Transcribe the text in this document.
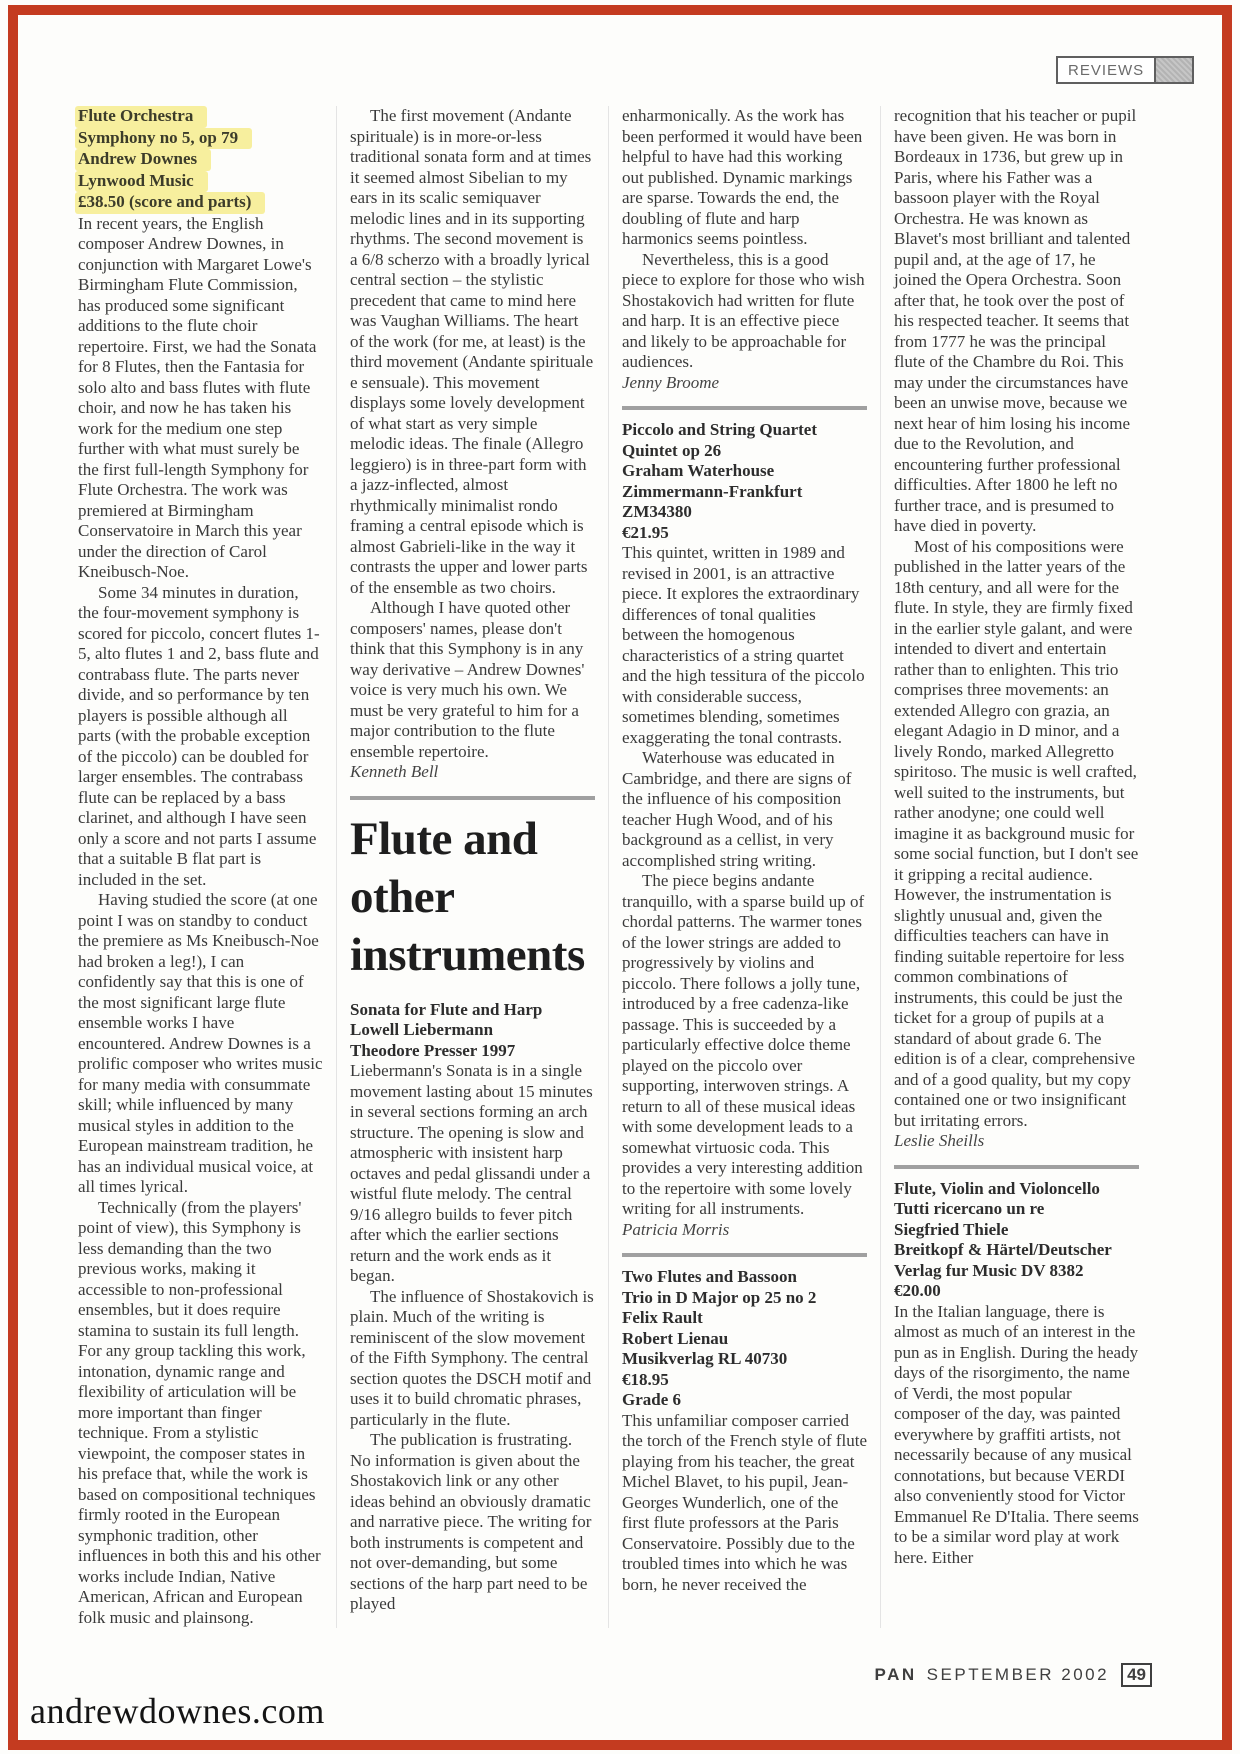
REVIEWS
Flute Orchestra
Symphony no 5, op 79
Andrew Downes
Lynwood Music
£38.50 (score and parts)

In recent years, the English composer Andrew Downes, in conjunction with Margaret Lowe's Birmingham Flute Commission, has produced some significant additions to the flute choir repertoire. First, we had the Sonata for 8 Flutes, then the Fantasia for solo alto and bass flutes with flute choir, and now he has taken his work for the medium one step further with what must surely be the first full-length Symphony for Flute Orchestra. The work was premiered at Birmingham Conservatoire in March this year under the direction of Carol Kneibusch-Noe.

Some 34 minutes in duration, the four-movement symphony is scored for piccolo, concert flutes 1-5, alto flutes 1 and 2, bass flute and contrabass flute. The parts never divide, and so performance by ten players is possible although all parts (with the probable exception of the piccolo) can be doubled for larger ensembles. The contrabass flute can be replaced by a bass clarinet, and although I have seen only a score and not parts I assume that a suitable B flat part is included in the set.

Having studied the score (at one point I was on standby to conduct the premiere as Ms Kneibusch-Noe had broken a leg!), I can confidently say that this is one of the most significant large flute ensemble works I have encountered. Andrew Downes is a prolific composer who writes music for many media with consummate skill; while influenced by many musical styles in addition to the European mainstream tradition, he has an individual musical voice, at all times lyrical.

Technically (from the players' point of view), this Symphony is less demanding than the two previous works, making it accessible to non-professional ensembles, but it does require stamina to sustain its full length. For any group tackling this work, intonation, dynamic range and flexibility of articulation will be more important than finger technique. From a stylistic viewpoint, the composer states in his preface that, while the work is based on compositional techniques firmly rooted in the European symphonic tradition, other influences in both this and his other works include Indian, Native American, African and European folk music and plainsong.

The first movement (Andante spirituale) is in more-or-less traditional sonata form and at times it seemed almost Sibelian to my ears in its scalic semiquaver melodic lines and in its supporting rhythms. The second movement is a 6/8 scherzo with a broadly lyrical central section – the stylistic precedent that came to mind here was Vaughan Williams. The heart of the work (for me, at least) is the third movement (Andante spirituale e sensuale). This movement displays some lovely development of what start as very simple melodic ideas. The finale (Allegro leggiero) is in three-part form with a jazz-inflected, almost rhythmically minimalist rondo framing a central episode which is almost Gabrieli-like in the way it contrasts the upper and lower parts of the ensemble as two choirs.

Although I have quoted other composers' names, please don't think that this Symphony is in any way derivative – Andrew Downes' voice is very much his own. We must be very grateful to him for a major contribution to the flute ensemble repertoire.

Kenneth Bell

Flute and other instruments
Sonata for Flute and Harp
Lowell Liebermann
Theodore Presser 1997

Liebermann's Sonata is in a single movement lasting about 15 minutes in several sections forming an arch structure. The opening is slow and atmospheric with insistent harp octaves and pedal glissandi under a wistful flute melody. The central 9/16 allegro builds to fever pitch after which the earlier sections return and the work ends as it began.

The influence of Shostakovich is plain. Much of the writing is reminiscent of the slow movement of the Fifth Symphony. The central section quotes the DSCH motif and uses it to build chromatic phrases, particularly in the flute.

The publication is frustrating. No information is given about the Shostakovich link or any other ideas behind an obviously dramatic and narrative piece. The writing for both instruments is competent and not over-demanding, but some sections of the harp part need to be played

enharmonically. As the work has been performed it would have been helpful to have had this working out published. Dynamic markings are sparse. Towards the end, the doubling of flute and harp harmonics seems pointless.

Nevertheless, this is a good piece to explore for those who wish Shostakovich had written for flute and harp. It is an effective piece and likely to be approachable for audiences.

Jenny Broome

Piccolo and String Quartet
Quintet op 26
Graham Waterhouse
Zimmermann-Frankfurt
ZM34380
€21.95

This quintet, written in 1989 and revised in 2001, is an attractive piece. It explores the extraordinary differences of tonal qualities between the homogenous characteristics of a string quartet and the high tessitura of the piccolo with considerable success, sometimes blending, sometimes exaggerating the tonal contrasts.

Waterhouse was educated in Cambridge, and there are signs of the influence of his composition teacher Hugh Wood, and of his background as a cellist, in very accomplished string writing.

The piece begins andante tranquillo, with a sparse build up of chordal patterns. The warmer tones of the lower strings are added to progressively by violins and piccolo. There follows a jolly tune, introduced by a free cadenza-like passage. This is succeeded by a particularly effective dolce theme played on the piccolo over supporting, interwoven strings. A return to all of these musical ideas with some development leads to a somewhat virtuosic coda. This provides a very interesting addition to the repertoire with some lovely writing for all instruments.

Patricia Morris

Two Flutes and Bassoon
Trio in D Major op 25 no 2
Felix Rault
Robert Lienau
Musikverlag RL 40730
€18.95
Grade 6

This unfamiliar composer carried the torch of the French style of flute playing from his teacher, the great Michel Blavet, to his pupil, Jean-Georges Wunderlich, one of the first flute professors at the Paris Conservatoire. Possibly due to the troubled times into which he was born, he never received the

recognition that his teacher or pupil have been given. He was born in Bordeaux in 1736, but grew up in Paris, where his Father was a bassoon player with the Royal Orchestra. He was known as Blavet's most brilliant and talented pupil and, at the age of 17, he joined the Opera Orchestra. Soon after that, he took over the post of his respected teacher. It seems that from 1777 he was the principal flute of the Chambre du Roi. This may under the circumstances have been an unwise move, because we next hear of him losing his income due to the Revolution, and encountering further professional difficulties. After 1800 he left no further trace, and is presumed to have died in poverty.

Most of his compositions were published in the latter years of the 18th century, and all were for the flute. In style, they are firmly fixed in the earlier style galant, and were intended to divert and entertain rather than to enlighten. This trio comprises three movements: an extended Allegro con grazia, an elegant Adagio in D minor, and a lively Rondo, marked Allegretto spiritoso. The music is well crafted, well suited to the instruments, but rather anodyne; one could well imagine it as background music for some social function, but I don't see it gripping a recital audience. However, the instrumentation is slightly unusual and, given the difficulties teachers can have in finding suitable repertoire for less common combinations of instruments, this could be just the ticket for a group of pupils at a standard of about grade 6. The edition is of a clear, comprehensive and of a good quality, but my copy contained one or two insignificant but irritating errors.

Leslie Sheills

Flute, Violin and Violoncello
Tutti ricercano un re
Siegfried Thiele
Breitkopf & Härtel/Deutscher
Verlag fur Music DV 8382
€20.00

In the Italian language, there is almost as much of an interest in the pun as in English. During the heady days of the risorgimento, the name of Verdi, the most popular composer of the day, was painted everywhere by graffiti artists, not necessarily because of any musical connotations, but because VERDI also conveniently stood for Victor Emmanuel Re D'Italia. There seems to be a similar word play at work here. Either

PAN SEPTEMBER 2002	49
andrewdownes.com
